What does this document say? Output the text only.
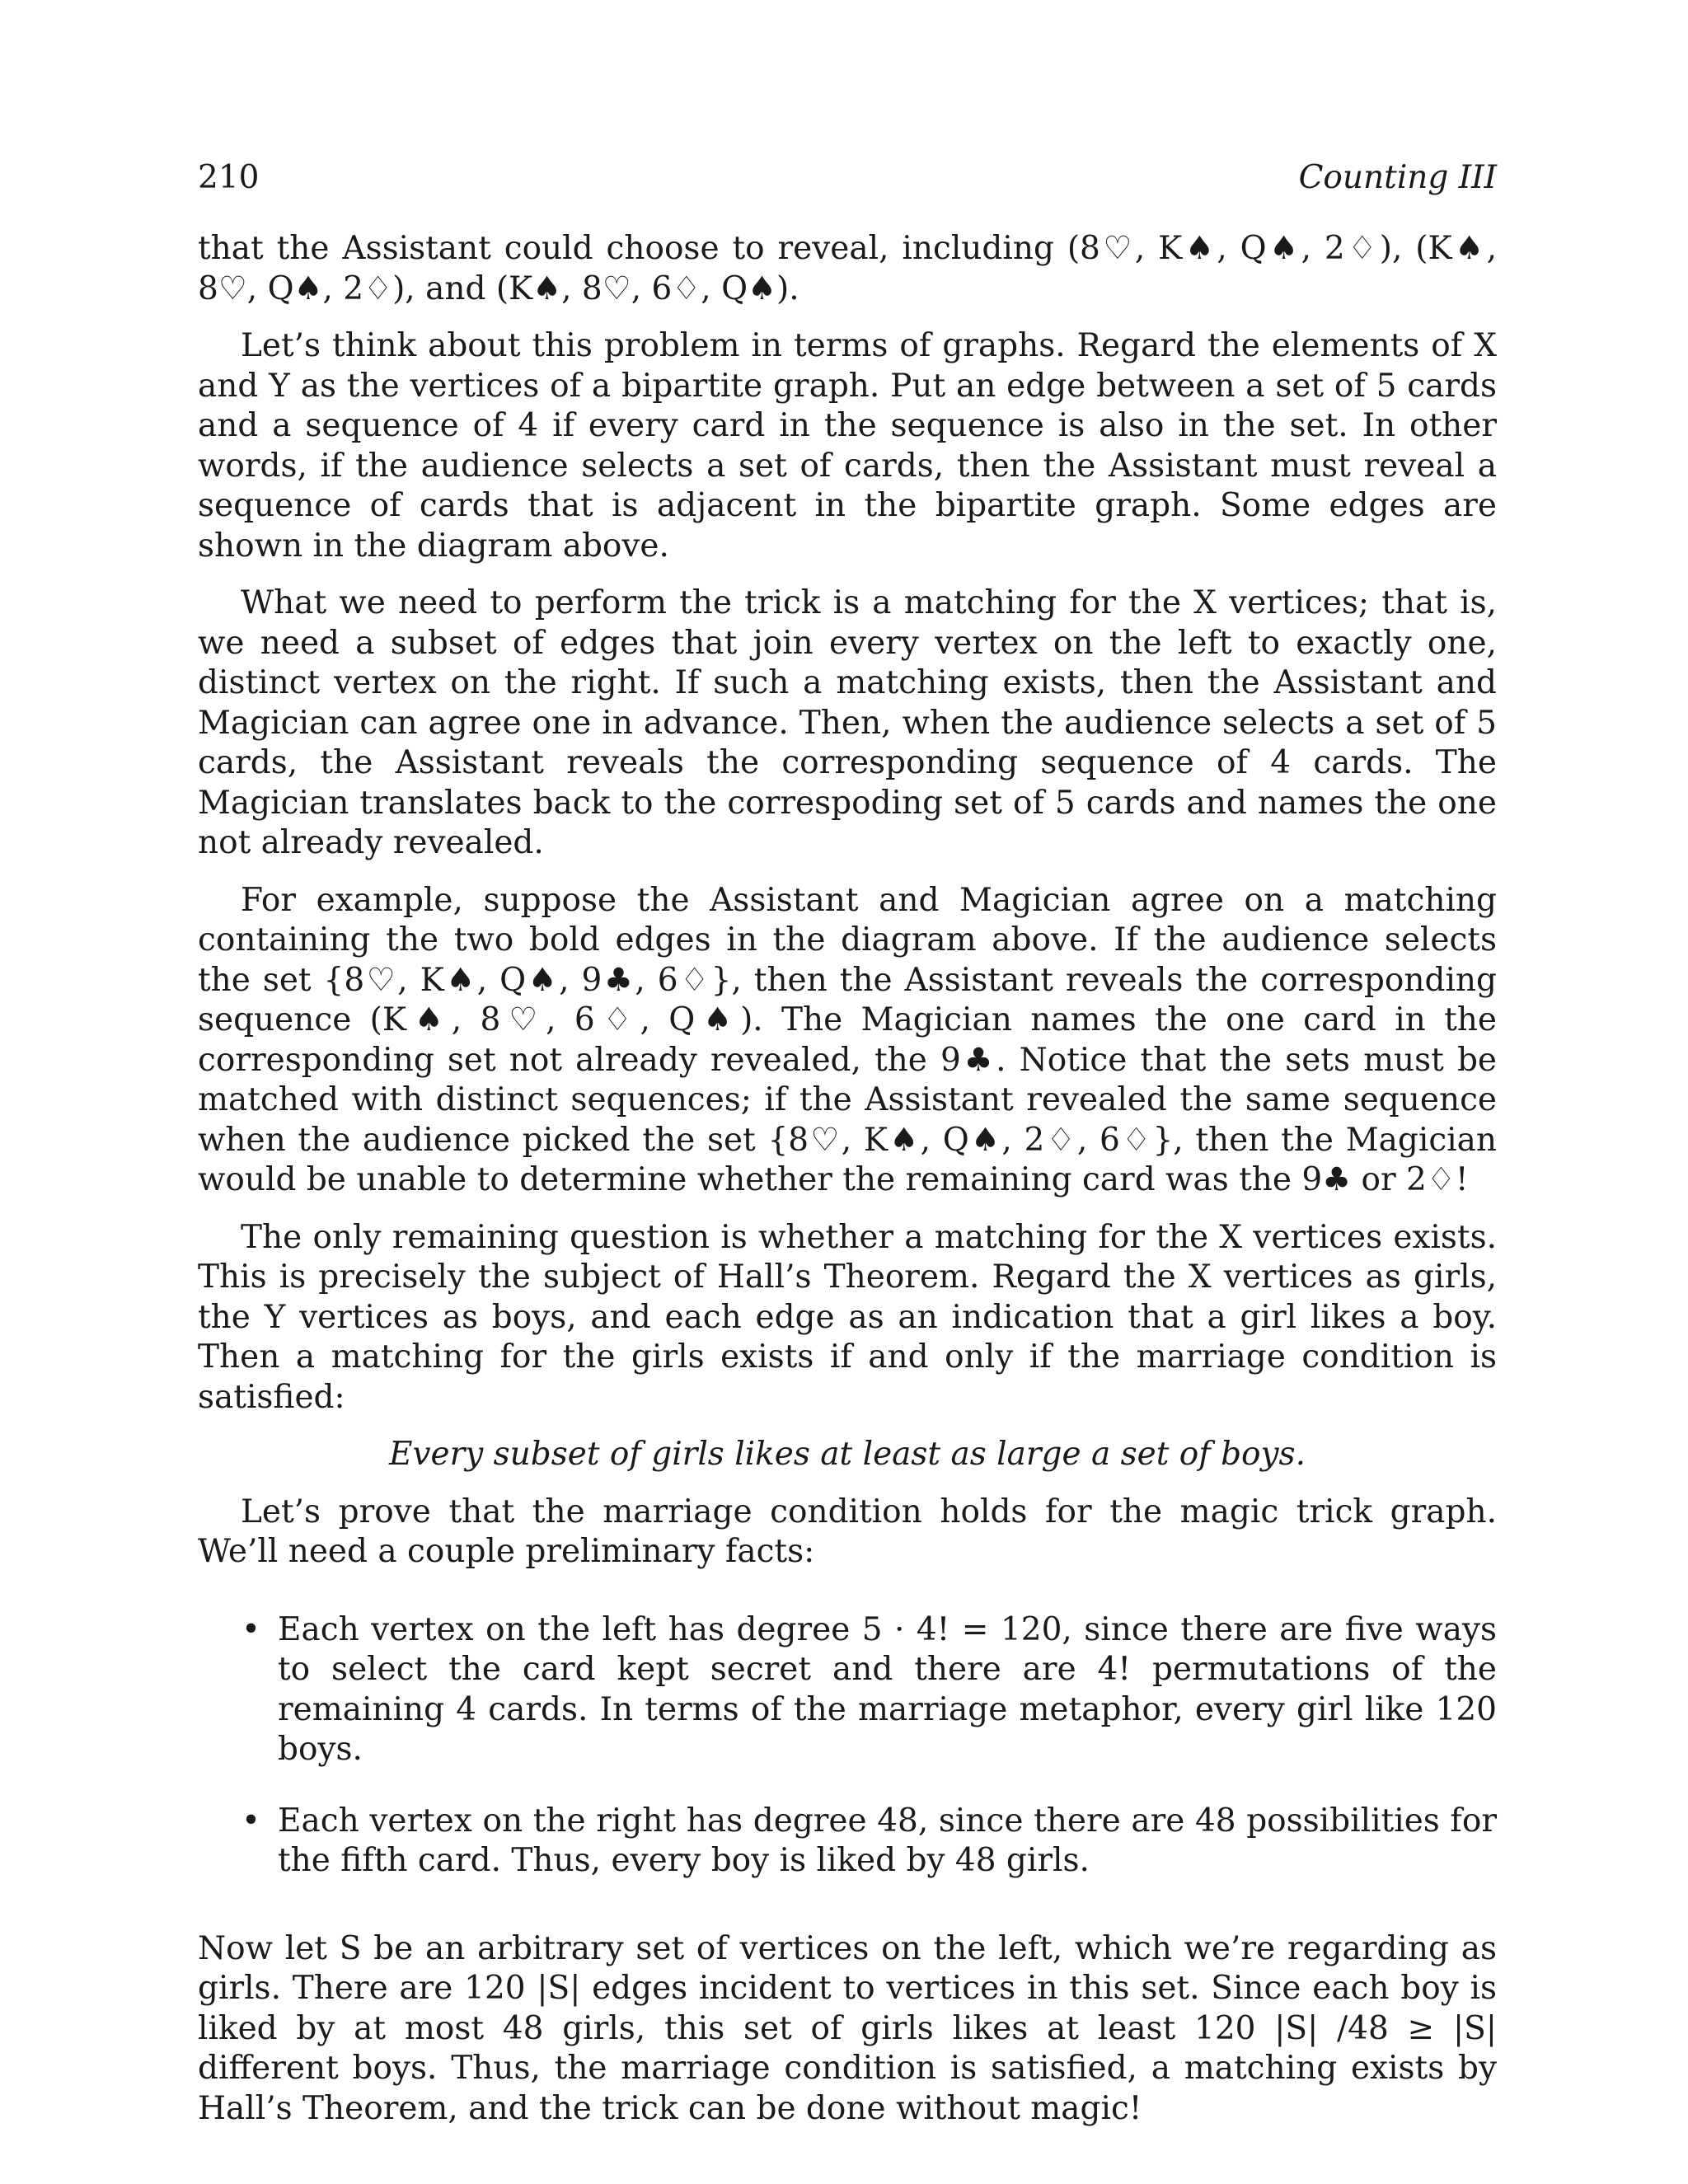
210	Counting III

that the Assistant could choose to reveal, including (8♡, K♠, Q♠, 2♢), (K♠, 8♡, Q♠, 2♢), and (K♠, 8♡, 6♢, Q♠).

Let’s think about this problem in terms of graphs. Regard the elements of X and Y as the vertices of a bipartite graph. Put an edge between a set of 5 cards and a sequence of 4 if every card in the sequence is also in the set. In other words, if the audience selects a set of cards, then the Assistant must reveal a sequence of cards that is adjacent in the bipartite graph. Some edges are shown in the diagram above.

What we need to perform the trick is a matching for the X vertices; that is, we need a subset of edges that join every vertex on the left to exactly one, distinct vertex on the right. If such a matching exists, then the Assistant and Magician can agree one in advance. Then, when the audience selects a set of 5 cards, the Assistant reveals the corresponding sequence of 4 cards. The Magician translates back to the correspoding set of 5 cards and names the one not already revealed.

For example, suppose the Assistant and Magician agree on a matching containing the two bold edges in the diagram above. If the audience selects the set {8♡, K♠, Q♠, 9♣, 6♢}, then the Assistant reveals the corresponding sequence (K♠, 8♡, 6♢, Q♠). The Magician names the one card in the corresponding set not already revealed, the 9♣. Notice that the sets must be matched with distinct sequences; if the Assistant revealed the same sequence when the audience picked the set {8♡, K♠, Q♠, 2♢, 6♢}, then the Magician would be unable to determine whether the remaining card was the 9♣ or 2♢!

The only remaining question is whether a matching for the X vertices exists. This is precisely the subject of Hall’s Theorem. Regard the X vertices as girls, the Y vertices as boys, and each edge as an indication that a girl likes a boy. Then a matching for the girls exists if and only if the marriage condition is satisfied:

Every subset of girls likes at least as large a set of boys.

Let’s prove that the marriage condition holds for the magic trick graph. We’ll need a couple preliminary facts:

• Each vertex on the left has degree 5 · 4! = 120, since there are five ways to select the card kept secret and there are 4! permutations of the remaining 4 cards. In terms of the marriage metaphor, every girl like 120 boys.
• Each vertex on the right has degree 48, since there are 48 possibilities for the fifth card. Thus, every boy is liked by 48 girls.

Now let S be an arbitrary set of vertices on the left, which we’re regarding as girls. There are 120 |S| edges incident to vertices in this set. Since each boy is liked by at most 48 girls, this set of girls likes at least 120 |S| /48 ≥ |S| different boys. Thus, the marriage condition is satisfied, a matching exists by Hall’s Theorem, and the trick can be done without magic!
